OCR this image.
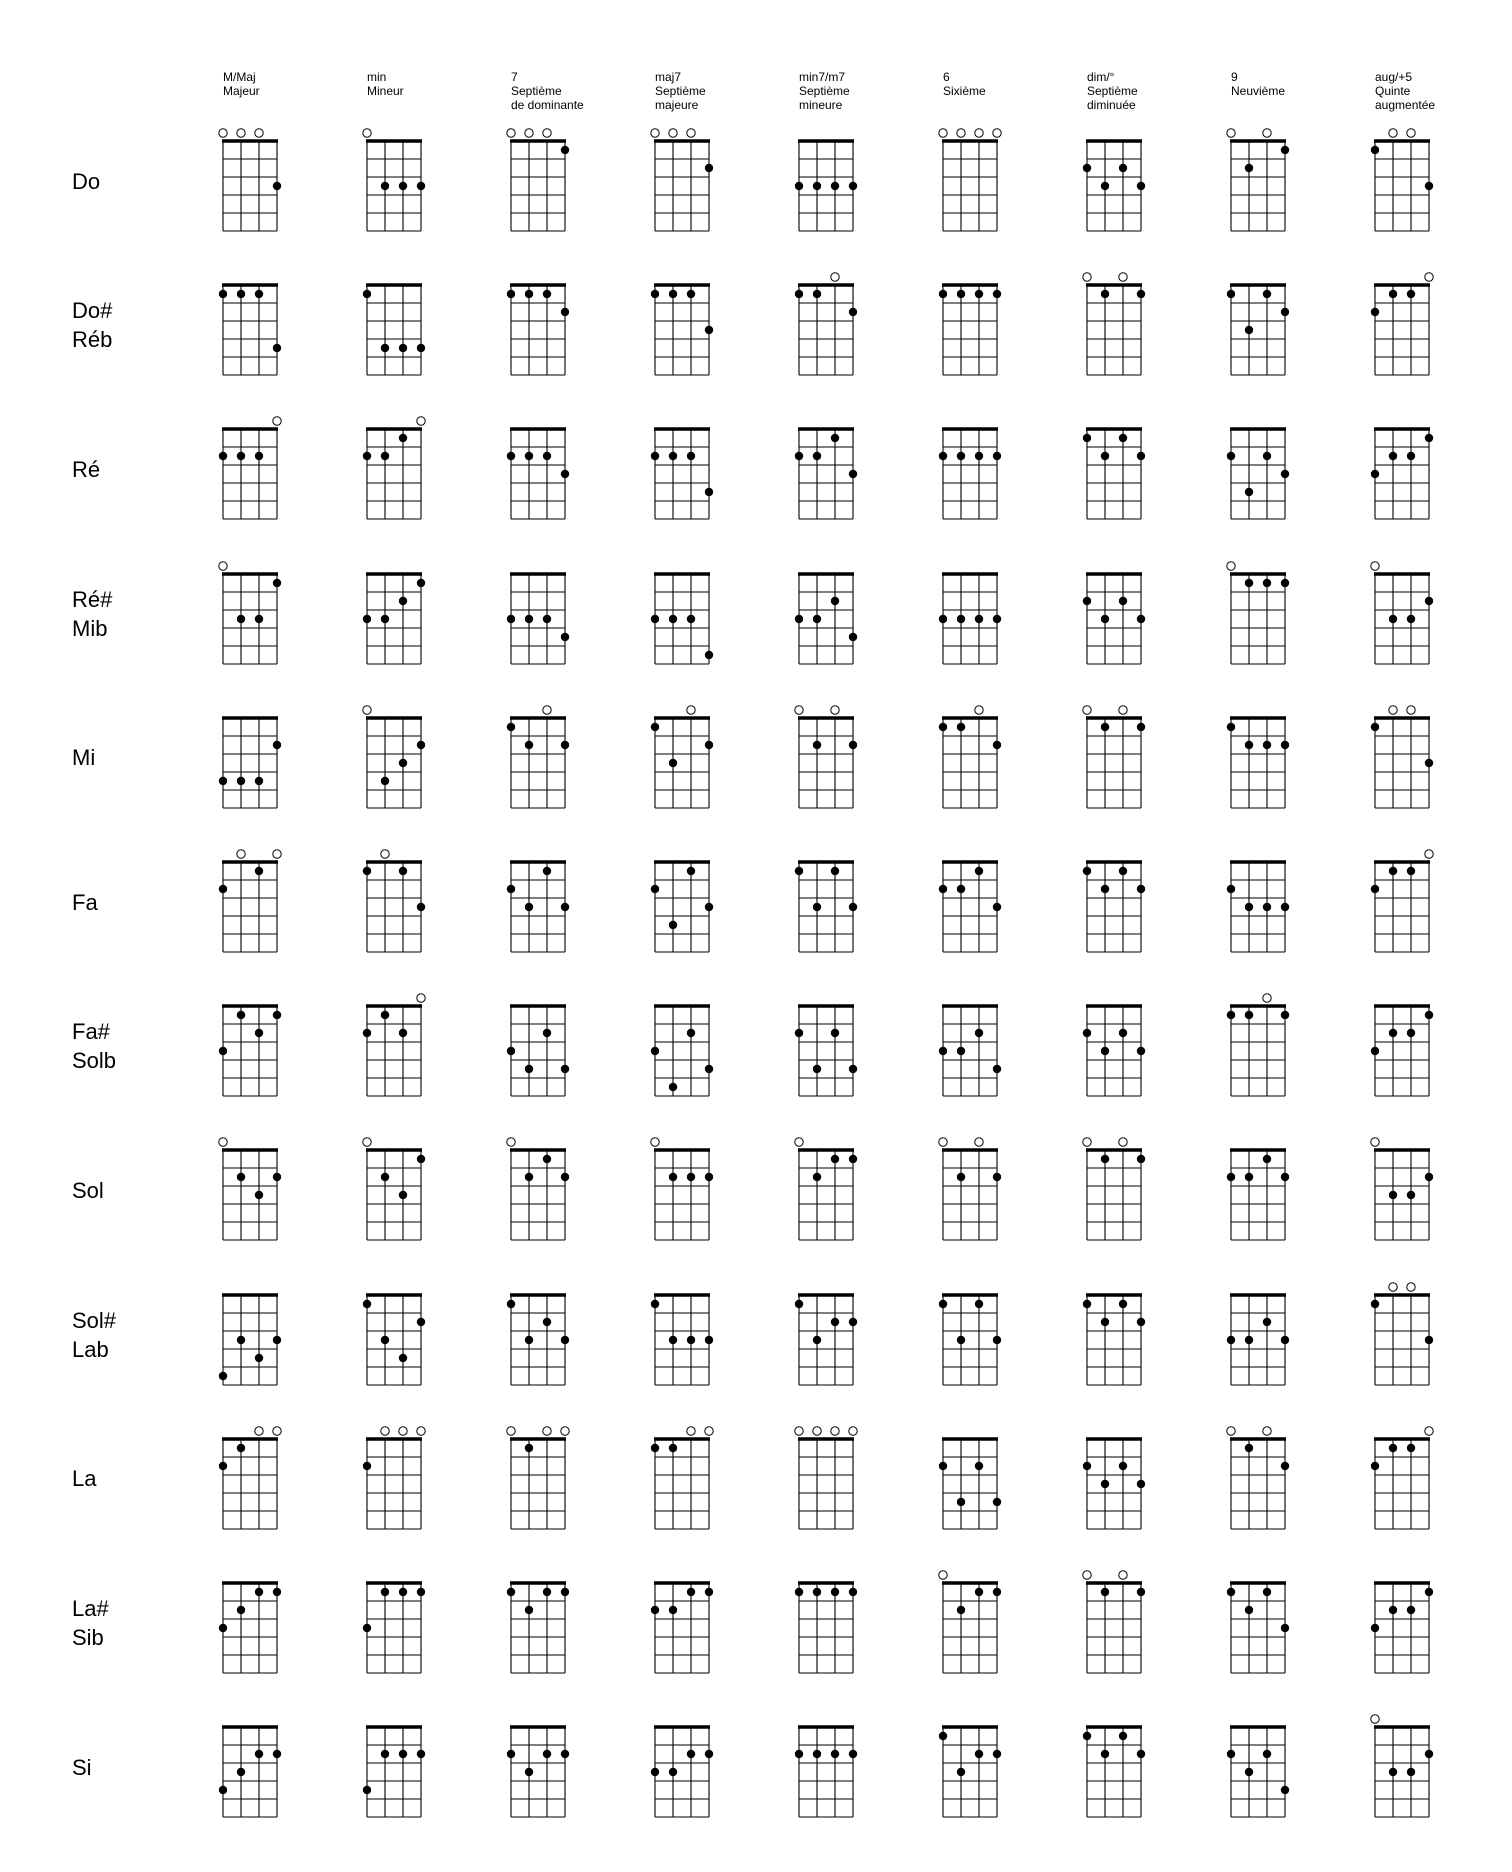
M/Maj
Majeur
min
Mineur
7
Septième
de dominante
maj7
Septième
majeure
min7/m7
Septième
mineure
6
Sixième
dim/°
Septième
diminuée
9
Neuvième
aug/+5
Quinte
augmentée
Do
Do#
Réb
Ré
Ré#
Mib
Mi
Fa
Fa#
Solb
Sol
Sol#
Lab
La
La#
Sib
Si
